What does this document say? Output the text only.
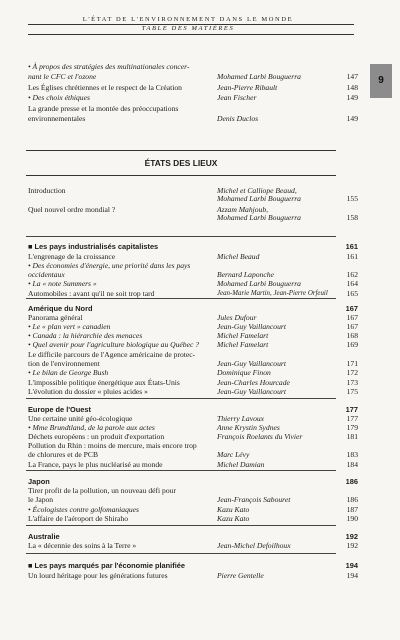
L'ÉTAT DE L'ENVIRONNEMENT DANS LE MONDE
TABLE DES MATIÈRES
9
ÉTATS DES LIEUX
• À propos des stratégies des multinationales concer-
nant le CFC et l'ozone	Mohamed Larbi Bouguerra	147
Les Églises chrétiennes et le respect de la Création	Jean-Pierre Ribault	148
• Des choix éthiques	Jean Fischer	149
La grande presse et la montée des préoccupations
environnementales	Denis Duclos	149
Introduction	Michel et Calliope Beaud,
Mohamed Larbi Bouguerra	155
Quel nouvel ordre mondial ?	Azzam Mahjoub,
Mohamed Larbi Bouguerra	158
■ Les pays industrialisés capitalistes	161
L'engrenage de la croissance	Michel Beaud	161
• Des économies d'énergie, une priorité dans les pays
occidentaux	Bernard Laponche	162
• La « note Summers »	Mohamed Larbi Bouguerra	164
Automobiles : avant qu'il ne soit trop tard	Jean-Marie Martin, Jean-Pierre Orfeuil	165
Amérique du Nord	167
Panorama général	Jules Dufour	167
• Le « plan vert » canadien	Jean-Guy Vaillancourt	167
• Canada : la hiérarchie des menaces	Michel Famelart	168
• Quel avenir pour l'agriculture biologique au Québec ? Michel Famelart	169
Le difficile parcours de l'Agence américaine de protec-
tion de l'environnement	Jean-Guy Vaillancourt	171
• Le bilan de George Bush	Dominique Finon	172
L'impossible politique énergétique aux États-Unis	Jean-Charles Hourcade	173
L'évolution du dossier « pluies acides »	Jean-Guy Vaillancourt	175
Europe de l'Ouest	177
Une certaine unité géo-écologique	Thierry Lavoux	177
• Mme Brundtland, de la parole aux actes	Anne Krystin Sydnes	179
Déchets européens : un produit d'exportation	François Roelants du Vivier	181
Pollution du Rhin : moins de mercure, mais encore trop
de chlorures et de PCB	Marc Lévy	183
La France, pays le plus nucléarisé au monde	Michel Damian	184
Japon	186
Tirer profit de la pollution, un nouveau défi pour
le Japon	Jean-François Sabouret	186
• Écologistes contre golfomaniaques	Kazu Kato	187
L'affaire de l'aéroport de Shiraho	Kazu Kato	190
Australie	192
La « décennie des soins à la Terre »	Jean-Michel Defoilhoux	192
■ Les pays marqués par l'économie planifiée	194
Un lourd héritage pour les générations futures	Pierre Gentelle	194
